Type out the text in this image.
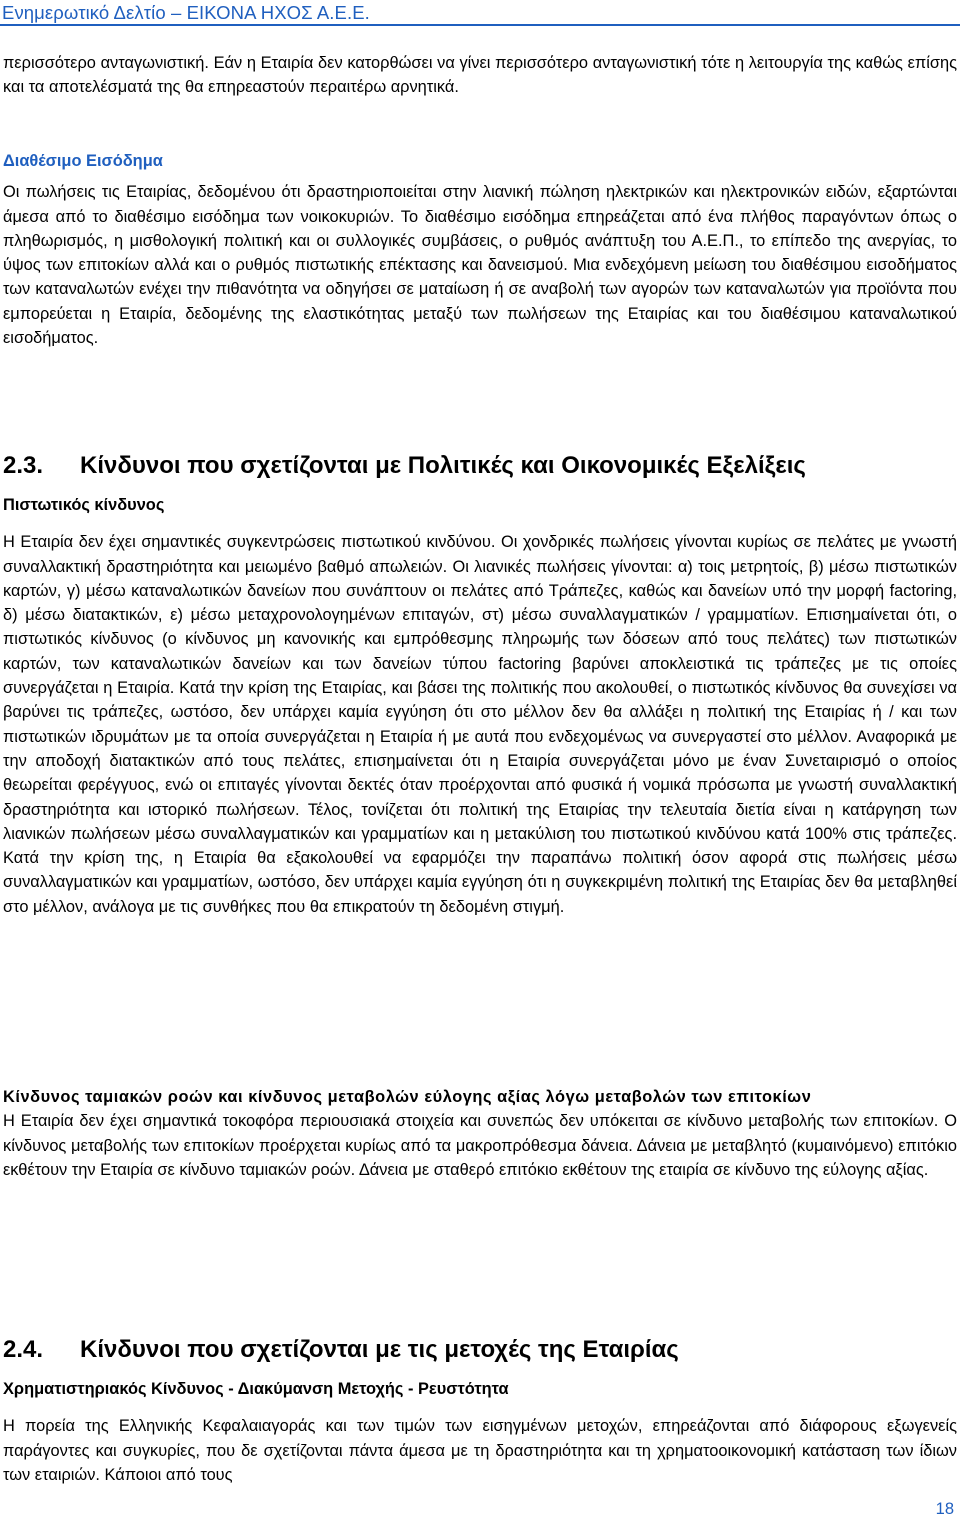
Ενημερωτικό Δελτίο – ΕΙΚΟΝΑ ΗΧΟΣ Α.Ε.Ε.

περισσότερο ανταγωνιστική. Εάν η Εταιρία δεν κατορθώσει να γίνει περισσότερο ανταγωνιστική τότε η λειτουργία της καθώς επίσης και τα αποτελέσματά της θα επηρεαστούν περαιτέρω αρνητικά.

Διαθέσιμο Εισόδημα

Οι πωλήσεις τις Εταιρίας, δεδομένου ότι δραστηριοποιείται στην λιανική πώληση ηλεκτρικών και ηλεκτρονικών ειδών, εξαρτώνται άμεσα από το διαθέσιμο εισόδημα των νοικοκυριών. Το διαθέσιμο εισόδημα επηρεάζεται από ένα πλήθος παραγόντων όπως ο πληθωρισμός, η μισθολογική πολιτική και οι συλλογικές συμβάσεις, ο ρυθμός ανάπτυξη του Α.Ε.Π., το επίπεδο της ανεργίας, το ύψος των επιτοκίων αλλά και ο ρυθμός πιστωτικής επέκτασης και δανεισμού. Μια ενδεχόμενη μείωση του διαθέσιμου εισοδήματος των καταναλωτών ενέχει την πιθανότητα να οδηγήσει σε ματαίωση ή σε αναβολή των αγορών των καταναλωτών για προϊόντα που εμπορεύεται η Εταιρία, δεδομένης της ελαστικότητας μεταξύ των πωλήσεων της Εταιρίας και του διαθέσιμου καταναλωτικού εισοδήματος.

2.3. Κίνδυνοι που σχετίζονται με Πολιτικές και Οικονομικές Εξελίξεις

Πιστωτικός κίνδυνος

Η Εταιρία δεν έχει σημαντικές συγκεντρώσεις πιστωτικού κινδύνου. Οι χονδρικές πωλήσεις γίνονται κυρίως σε πελάτες με γνωστή συναλλακτική δραστηριότητα και μειωμένο βαθμό απωλειών. Οι λιανικές πωλήσεις γίνονται: α) τοις μετρητοίς, β) μέσω πιστωτικών καρτών, γ) μέσω καταναλωτικών δανείων που συνάπτουν οι πελάτες από Τράπεζες, καθώς και δανείων υπό την μορφή factoring, δ) μέσω διατακτικών, ε) μέσω μεταχρονολογημένων επιταγών, στ) μέσω συναλλαγματικών / γραμματίων. Επισημαίνεται ότι, ο πιστωτικός κίνδυνος (ο κίνδυνος μη κανονικής και εμπρόθεσμης πληρωμής των δόσεων από τους πελάτες) των πιστωτικών καρτών, των καταναλωτικών δανείων και των δανείων τύπου factoring βαρύνει αποκλειστικά τις τράπεζες με τις οποίες συνεργάζεται η Εταιρία. Κατά την κρίση της Εταιρίας, και βάσει της πολιτικής που ακολουθεί, ο πιστωτικός κίνδυνος θα συνεχίσει να βαρύνει τις τράπεζες, ωστόσο, δεν υπάρχει καμία εγγύηση ότι στο μέλλον δεν θα αλλάξει η πολιτική της Εταιρίας ή / και των πιστωτικών ιδρυμάτων με τα οποία συνεργάζεται η Εταιρία ή με αυτά που ενδεχομένως να συνεργαστεί στο μέλλον. Αναφορικά με την αποδοχή διατακτικών από τους πελάτες, επισημαίνεται ότι η Εταιρία συνεργάζεται μόνο με έναν Συνεταιρισμό ο οποίος θεωρείται φερέγγυος, ενώ οι επιταγές γίνονται δεκτές όταν προέρχονται από φυσικά ή νομικά πρόσωπα με γνωστή συναλλακτική δραστηριότητα και ιστορικό πωλήσεων. Τέλος, τονίζεται ότι πολιτική της Εταιρίας την τελευταία διετία είναι η κατάργηση των λιανικών πωλήσεων μέσω συναλλαγματικών και γραμματίων και η μετακύλιση του πιστωτικού κινδύνου κατά 100% στις τράπεζες. Κατά την κρίση της, η Εταιρία θα εξακολουθεί να εφαρμόζει την παραπάνω πολιτική όσον αφορά στις πωλήσεις μέσω συναλλαγματικών και γραμματίων, ωστόσο, δεν υπάρχει καμία εγγύηση ότι η συγκεκριμένη πολιτική της Εταιρίας δεν θα μεταβληθεί στο μέλλον, ανάλογα με τις συνθήκες που θα επικρατούν τη δεδομένη στιγμή.

Κίνδυνος ταμιακών ροών και κίνδυνος μεταβολών εύλογης αξίας λόγω μεταβολών των επιτοκίων

Η Εταιρία δεν έχει σημαντικά τοκοφόρα περιουσιακά στοιχεία και συνεπώς δεν υπόκειται σε κίνδυνο μεταβολής των επιτοκίων. Ο κίνδυνος μεταβολής των επιτοκίων προέρχεται κυρίως από τα μακροπρόθεσμα δάνεια. Δάνεια με μεταβλητό (κυμαινόμενο) επιτόκιο εκθέτουν την Εταιρία σε κίνδυνο ταμιακών ροών. Δάνεια με σταθερό επιτόκιο εκθέτουν της εταιρία σε κίνδυνο της εύλογης αξίας.

2.4. Κίνδυνοι που σχετίζονται με τις μετοχές της Εταιρίας

Χρηματιστηριακός Κίνδυνος - Διακύμανση Μετοχής - Ρευστότητα

Η πορεία της Ελληνικής Κεφαλαιαγοράς και των τιμών των εισηγμένων μετοχών, επηρεάζονται από διάφορους εξωγενείς παράγοντες και συγκυρίες, που δε σχετίζονται πάντα άμεσα με τη δραστηριότητα και τη χρηματοοικονομική κατάσταση των ίδιων των εταιριών. Κάποιοι από τους

18
